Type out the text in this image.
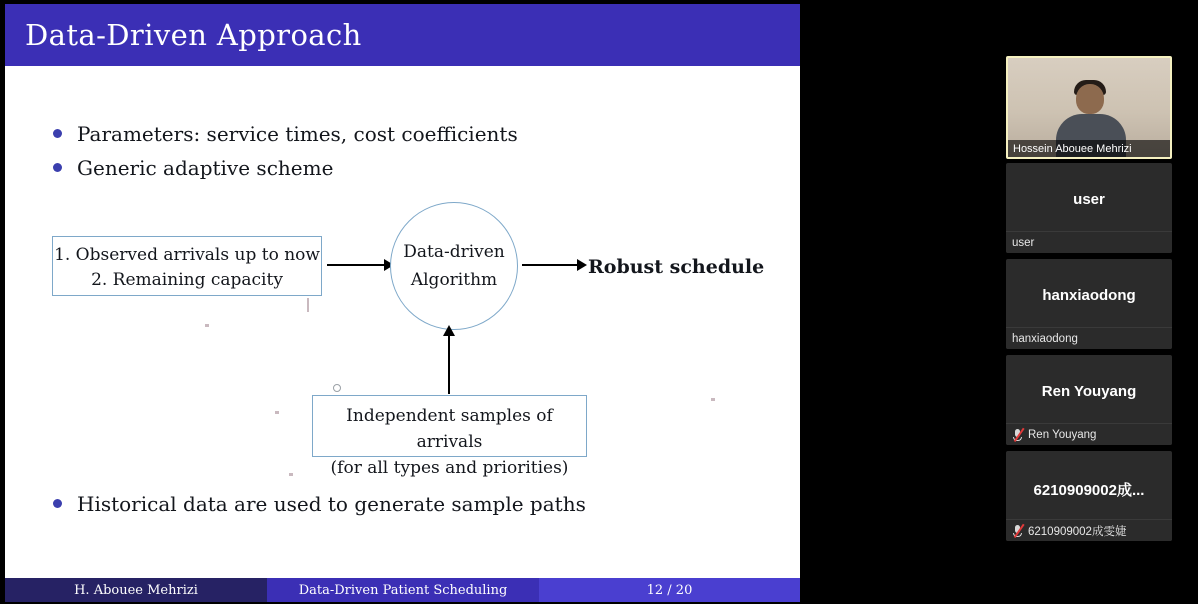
Data-Driven Approach
Parameters: service times, cost coefficients
Generic adaptive scheme
1. Observed arrivals up to now
2. Remaining capacity
Data-driven
Algorithm
Robust schedule
Independent samples of arrivals
(for all types and priorities)
Historical data are used to generate sample paths
H. Abouee Mehrizi	Data-Driven Patient Scheduling	12 / 20
Hossein Abouee Mehrizi
user
user
hanxiaodong
hanxiaodong
Ren Youyang
Ren Youyang
6210909002成...
6210909002成雯婕
